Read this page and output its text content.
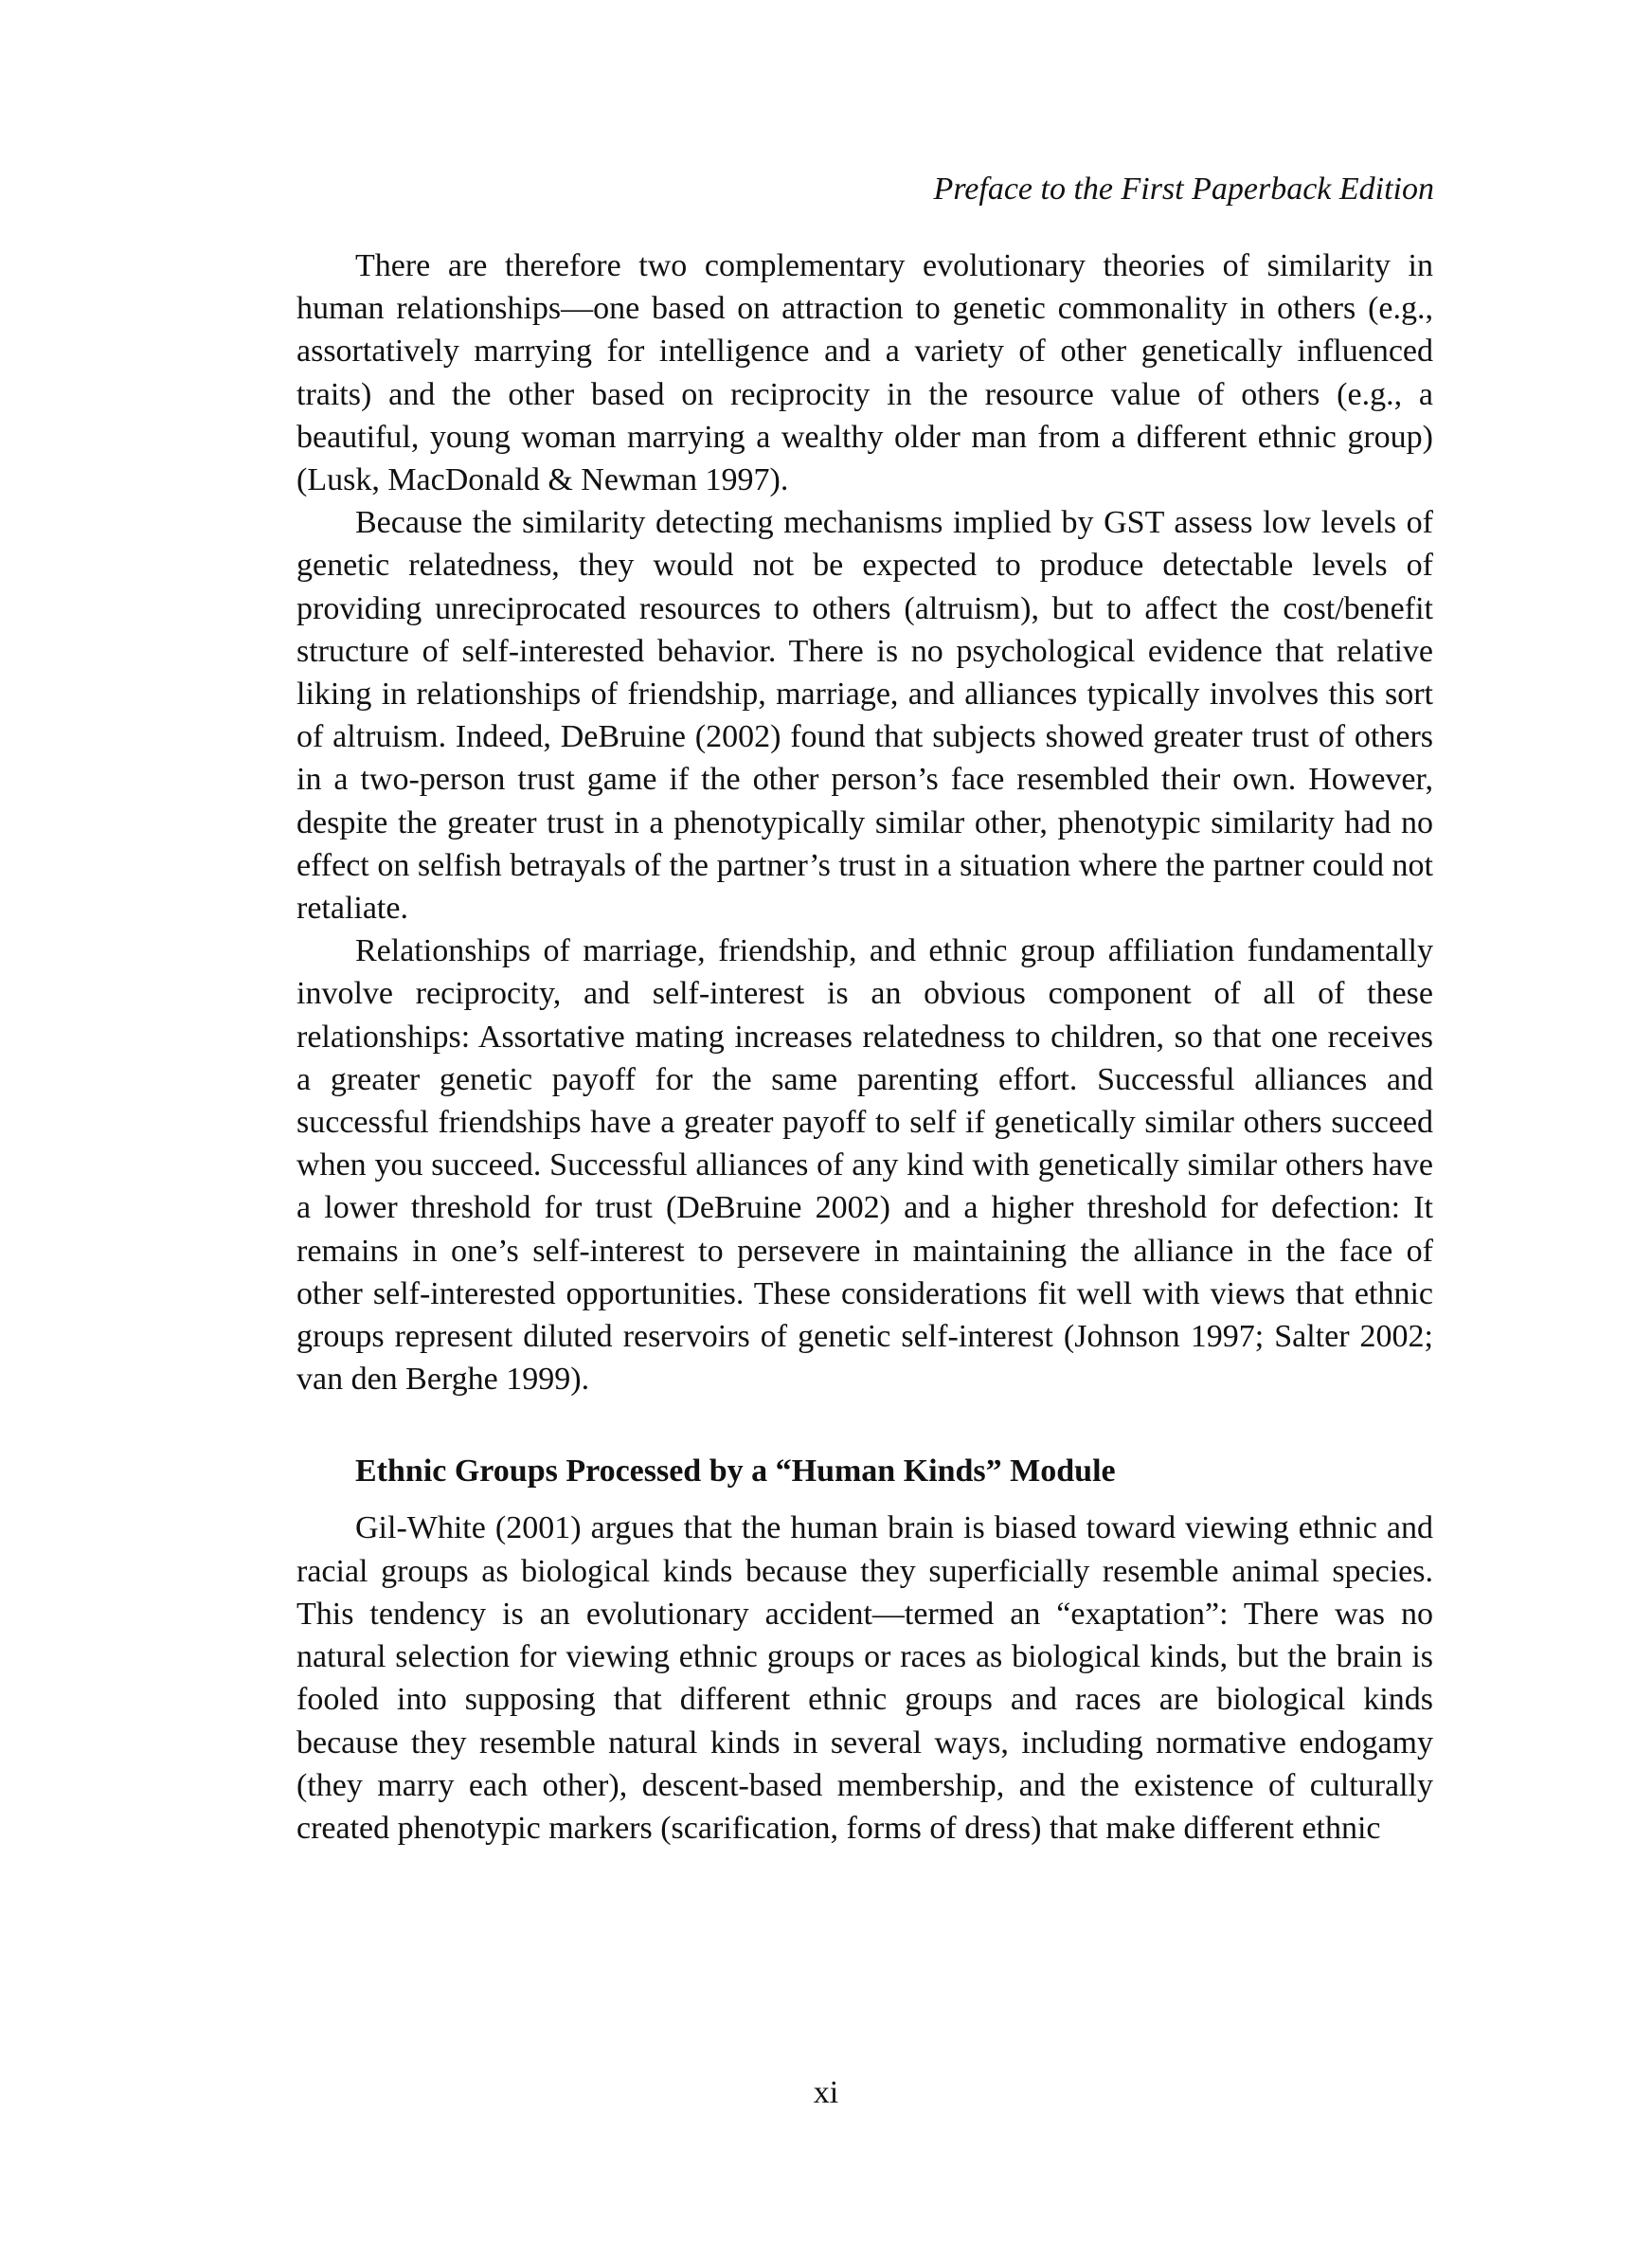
Preface to the First Paperback Edition

There are therefore two complementary evolutionary theories of similarity in human relationships—one based on attraction to genetic commonality in others (e.g., assortatively marrying for intelligence and a variety of other genetically influenced traits) and the other based on reciprocity in the resource value of others (e.g., a beautiful, young woman marrying a wealthy older man from a different ethnic group) (Lusk, MacDonald & Newman 1997).

Because the similarity detecting mechanisms implied by GST assess low levels of genetic relatedness, they would not be expected to produce detectable levels of providing unreciprocated resources to others (altruism), but to affect the cost/benefit structure of self-interested behavior. There is no psychological evidence that relative liking in relationships of friendship, marriage, and alliances typically involves this sort of altruism. Indeed, DeBruine (2002) found that subjects showed greater trust of others in a two-person trust game if the other person’s face resembled their own. However, despite the greater trust in a phenotypically similar other, phenotypic similarity had no effect on selfish betrayals of the partner’s trust in a situation where the partner could not retaliate.

Relationships of marriage, friendship, and ethnic group affiliation fundamentally involve reciprocity, and self-interest is an obvious component of all of these relationships: Assortative mating increases relatedness to children, so that one receives a greater genetic payoff for the same parenting effort. Successful alliances and successful friendships have a greater payoff to self if genetically similar others succeed when you succeed. Successful alliances of any kind with genetically similar others have a lower threshold for trust (DeBruine 2002) and a higher threshold for defection: It remains in one’s self-interest to persevere in maintaining the alliance in the face of other self-interested opportunities. These considerations fit well with views that ethnic groups represent diluted reservoirs of genetic self-interest (Johnson 1997; Salter 2002; van den Berghe 1999).

Ethnic Groups Processed by a “Human Kinds” Module

Gil-White (2001) argues that the human brain is biased toward viewing ethnic and racial groups as biological kinds because they superficially resemble animal species. This tendency is an evolutionary accident—termed an “exaptation”: There was no natural selection for viewing ethnic groups or races as biological kinds, but the brain is fooled into supposing that different ethnic groups and races are biological kinds because they resemble natural kinds in several ways, including normative endogamy (they marry each other), descent-based membership, and the existence of culturally created phenotypic markers (scarification, forms of dress) that make different ethnic

xi
